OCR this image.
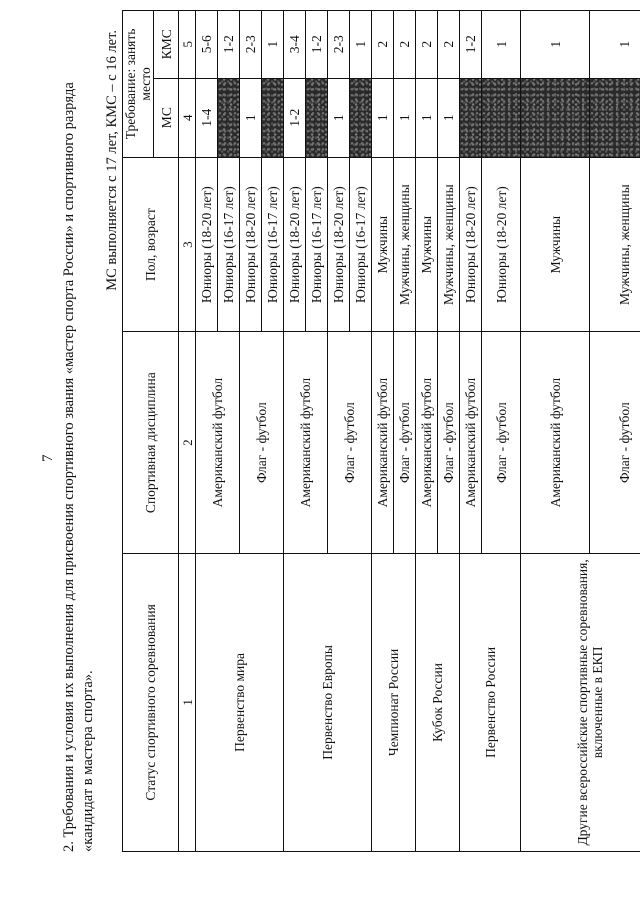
7 2. Требования и условия их выполнения для присвоения спортивного звания «мастер спорта России» и спортивного разряда «кандидат в мастера спорта».
МС выполняется с 17 лет, КМС – с 16 лет.
Статус спортивного соревнования	Спортивная дисциплина	Пол, возраст	Требование: занять место	
			МС	КМС
1	2	3	4	5
Первенство мира	Американский футбол	Юниоры (18-20 лет)	1-4	5-6
		Юниоры (16-17 лет)		1-2
	Флаг - футбол	Юниоры (18-20 лет)	1	2-3
		Юниоры (16-17 лет)		1
Первенство Европы	Американский футбол	Юниоры (18-20 лет)	1-2	3-4
		Юниоры (16-17 лет)		1-2
	Флаг - футбол	Юниоры (18-20 лет)	1	2-3
		Юниоры (16-17 лет)		1
Чемпионат России	Американский футбол	Мужчины	1	2
	Флаг - футбол	Мужчины, женщины	1	2
Кубок России	Американский футбол	Мужчины	1	2
	Флаг - футбол	Мужчины, женщины	1	2
Первенство России	Американский футбол	Юниоры (18-20 лет)		1-2
	Флаг - футбол	Юниоры (18-20 лет)		1
Другие всероссийские спортивные соревнования, включенные в ЕКП	Американский футбол	Мужчины		1
	Флаг - футбол	Мужчины, женщины		1
